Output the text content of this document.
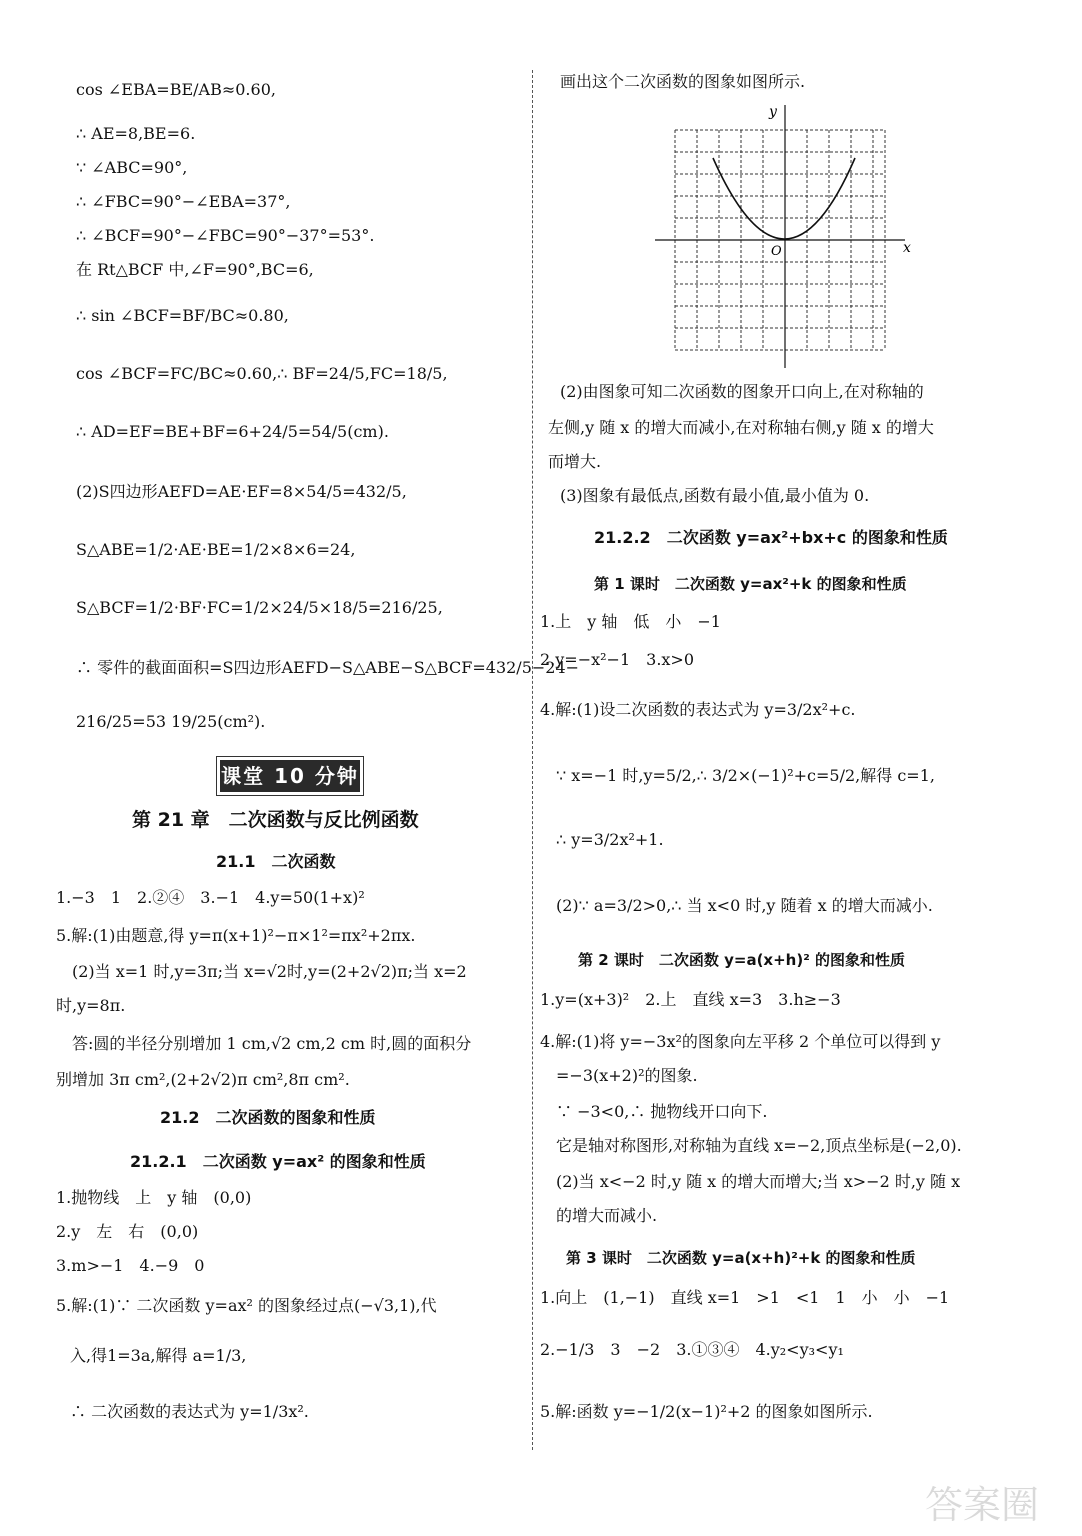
cos ∠EBA=BE/AB≈0.60,
∴ AE=8,BE=6.
∵ ∠ABC=90°,
∴ ∠FBC=90°−∠EBA=37°,
∴ ∠BCF=90°−∠FBC=90°−37°=53°.
在 Rt△BCF 中,∠F=90°,BC=6,
∴ sin ∠BCF=BF/BC≈0.80,
cos ∠BCF=FC/BC≈0.60,∴ BF=24/5,FC=18/5,
∴ AD=EF=BE+BF=6+24/5=54/5(cm).
(2)S四边形AEFD=AE·EF=8×54/5=432/5,
S△ABE=1/2·AE·BE=1/2×8×6=24,
S△BCF=1/2·BF·FC=1/2×24/5×18/5=216/25,
∴ 零件的截面面积=S四边形AEFD−S△ABE−S△BCF=432/5−24−
216/25=53 19/25(cm²).
课堂 10 分钟
第 21 章　二次函数与反比例函数
21.1　二次函数
1.−3　1　2.②④　3.−1　4.y=50(1+x)²
5.解:(1)由题意,得 y=π(x+1)²−π×1²=πx²+2πx.
(2)当 x=1 时,y=3π;当 x=√2时,y=(2+2√2)π;当 x=2
时,y=8π.
答:圆的半径分别增加 1 cm,√2 cm,2 cm 时,圆的面积分
别增加 3π cm²,(2+2√2)π cm²,8π cm².
21.2　二次函数的图象和性质
21.2.1　二次函数 y=ax² 的图象和性质
1.抛物线　上　y 轴　(0,0)
2.y　左　右　(0,0)
3.m>−1　4.−9　0
5.解:(1)∵ 二次函数 y=ax² 的图象经过点(−√3,1),代
入,得1=3a,解得 a=1/3,
∴ 二次函数的表达式为 y=1/3x².
画出这个二次函数的图象如图所示.
y
x
O
(2)由图象可知二次函数的图象开口向上,在对称轴的
左侧,y 随 x 的增大而减小,在对称轴右侧,y 随 x 的增大
而增大.
(3)图象有最低点,函数有最小值,最小值为 0.
21.2.2　二次函数 y=ax²+bx+c 的图象和性质
第 1 课时　二次函数 y=ax²+k 的图象和性质
1.上　y 轴　低　小　−1
2.y=−x²−1　3.x>0
4.解:(1)设二次函数的表达式为 y=3/2x²+c.
∵ x=−1 时,y=5/2,∴ 3/2×(−1)²+c=5/2,解得 c=1,
∴ y=3/2x²+1.
(2)∵ a=3/2>0,∴ 当 x<0 时,y 随着 x 的增大而减小.
第 2 课时　二次函数 y=a(x+h)² 的图象和性质
1.y=(x+3)²　2.上　直线 x=3　3.h≥−3
4.解:(1)将 y=−3x²的图象向左平移 2 个单位可以得到 y
=−3(x+2)²的图象.
∵ −3<0,∴ 抛物线开口向下.
它是轴对称图形,对称轴为直线 x=−2,顶点坐标是(−2,0).
(2)当 x<−2 时,y 随 x 的增大而增大;当 x>−2 时,y 随 x
的增大而减小.
第 3 课时　二次函数 y=a(x+h)²+k 的图象和性质
1.向上　(1,−1)　直线 x=1　>1　<1　1　小　小　−1
2.−1/3　3　−2　3.①③④　4.y₂<y₃<y₁
5.解:函数 y=−1/2(x−1)²+2 的图象如图所示.
答案圈
